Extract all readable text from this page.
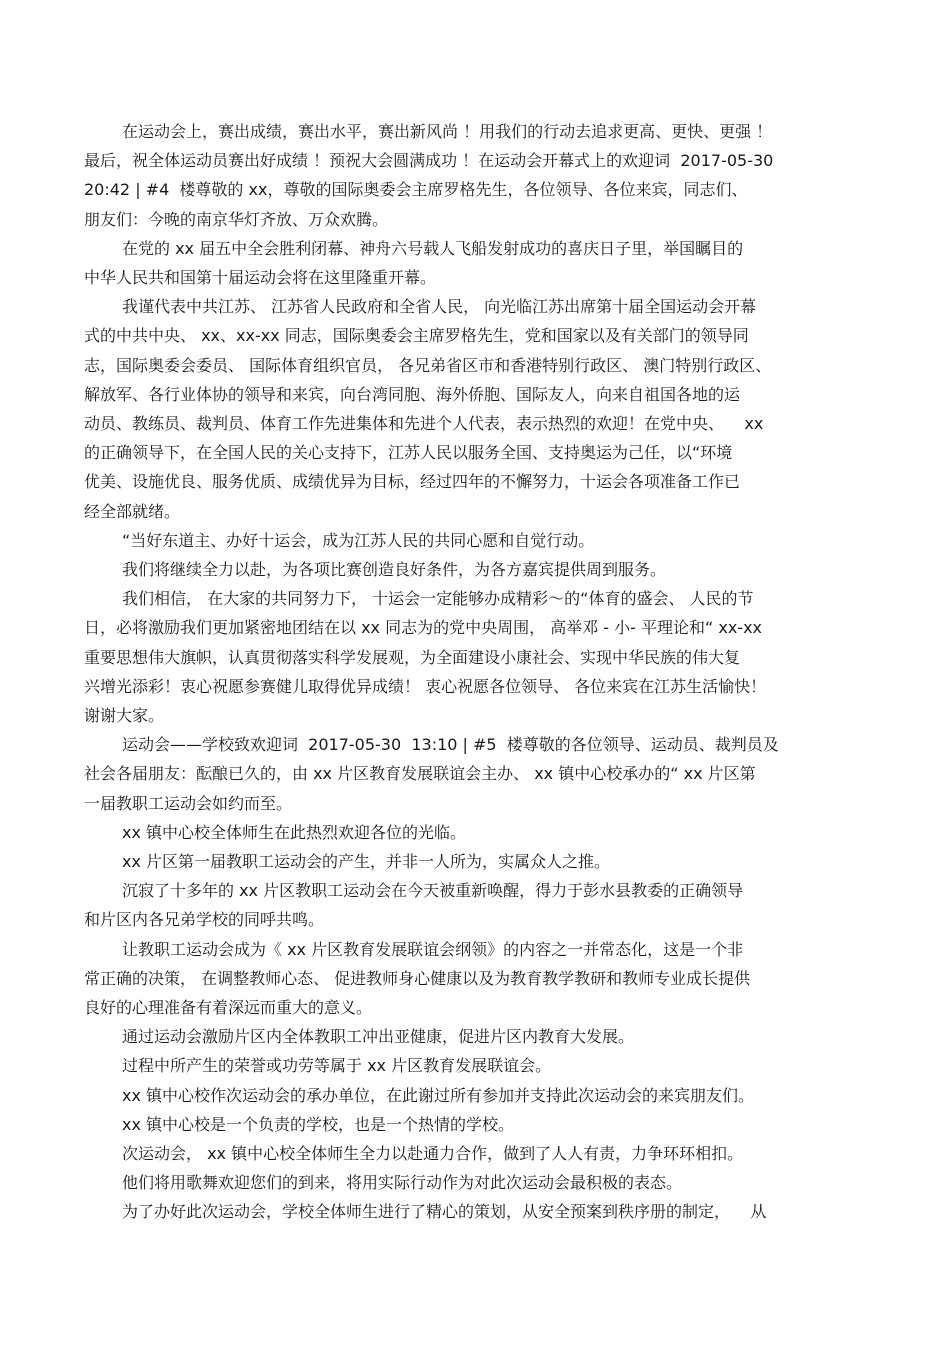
在运动会上，赛出成绩，赛出水平，赛出新风尚 ！用我们的行动去追求更高、更快、更强 ！
最后，祝全体运动员赛出好成绩 ！预祝大会圆满成功 ！在运动会开幕式上的欢迎词  2017-05-30
20:42 | #4  楼尊敬的 xx，尊敬的国际奥委会主席罗格先生，各位领导、各位来宾，同志们、
朋友们：今晚的南京华灯齐放、万众欢腾。
在党的 xx 届五中全会胜利闭幕、神舟六号载人飞船发射成功的喜庆日子里，举国瞩目的
中华人民共和国第十届运动会将在这里隆重开幕。
我谨代表中共江苏、 江苏省人民政府和全省人民， 向光临江苏出席第十届全国运动会开幕
式的中共中央、 xx、xx-xx 同志，国际奥委会主席罗格先生，党和国家以及有关部门的领导同
志，国际奥委会委员、 国际体育组织官员， 各兄弟省区市和香港特别行政区、 澳门特别行政区、
解放军、各行业体协的领导和来宾，向台湾同胞、海外侨胞、国际友人，向来自祖国各地的运
动员、教练员、裁判员、体育工作先进集体和先进个人代表，表示热烈的欢迎！在党中央、    xx
的正确领导下，在全国人民的关心支持下，江苏人民以服务全国、支持奥运为己任，以“环境
优美、设施优良、服务优质、成绩优异为目标，经过四年的不懈努力，十运会各项准备工作已
经全部就绪。
“当好东道主、办好十运会，成为江苏人民的共同心愿和自觉行动。
我们将继续全力以赴，为各项比赛创造良好条件，为各方嘉宾提供周到服务。
我们相信， 在大家的共同努力下， 十运会一定能够办成精彩～的“体育的盛会、 人民的节
日，必将激励我们更加紧密地团结在以 xx 同志为的党中央周围， 高举邓 - 小- 平理论和“ xx-xx
重要思想伟大旗帜，认真贯彻落实科学发展观，为全面建设小康社会、实现中华民族的伟大复
兴增光添彩！衷心祝愿参赛健儿取得优异成绩！ 衷心祝愿各位领导、 各位来宾在江苏生活愉快！
谢谢大家。
运动会——学校致欢迎词  2017-05-30  13:10 | #5  楼尊敬的各位领导、运动员、裁判员及
社会各届朋友：酝酿已久的，由 xx 片区教育发展联谊会主办、 xx 镇中心校承办的“ xx 片区第
一届教职工运动会如约而至。
xx 镇中心校全体师生在此热烈欢迎各位的光临。
xx 片区第一届教职工运动会的产生，并非一人所为，实属众人之推。
沉寂了十多年的 xx 片区教职工运动会在今天被重新唤醒，得力于彭水县教委的正确领导
和片区内各兄弟学校的同呼共鸣。
让教职工运动会成为《 xx 片区教育发展联谊会纲领》的内容之一并常态化，这是一个非
常正确的决策， 在调整教师心态、 促进教师身心健康以及为教育教学教研和教师专业成长提供
良好的心理准备有着深远而重大的意义。
通过运动会激励片区内全体教职工冲出亚健康，促进片区内教育大发展。
过程中所产生的荣誉或功劳等属于 xx 片区教育发展联谊会。
xx 镇中心校作次运动会的承办单位，在此谢过所有参加并支持此次运动会的来宾朋友们。
xx 镇中心校是一个负责的学校，也是一个热情的学校。
次运动会， xx 镇中心校全体师生全力以赴通力合作，做到了人人有责，力争环环相扣。
他们将用歌舞欢迎您们的到来，将用实际行动作为对此次运动会最积极的表态。
为了办好此次运动会，学校全体师生进行了精心的策划，从安全预案到秩序册的制定，    从
